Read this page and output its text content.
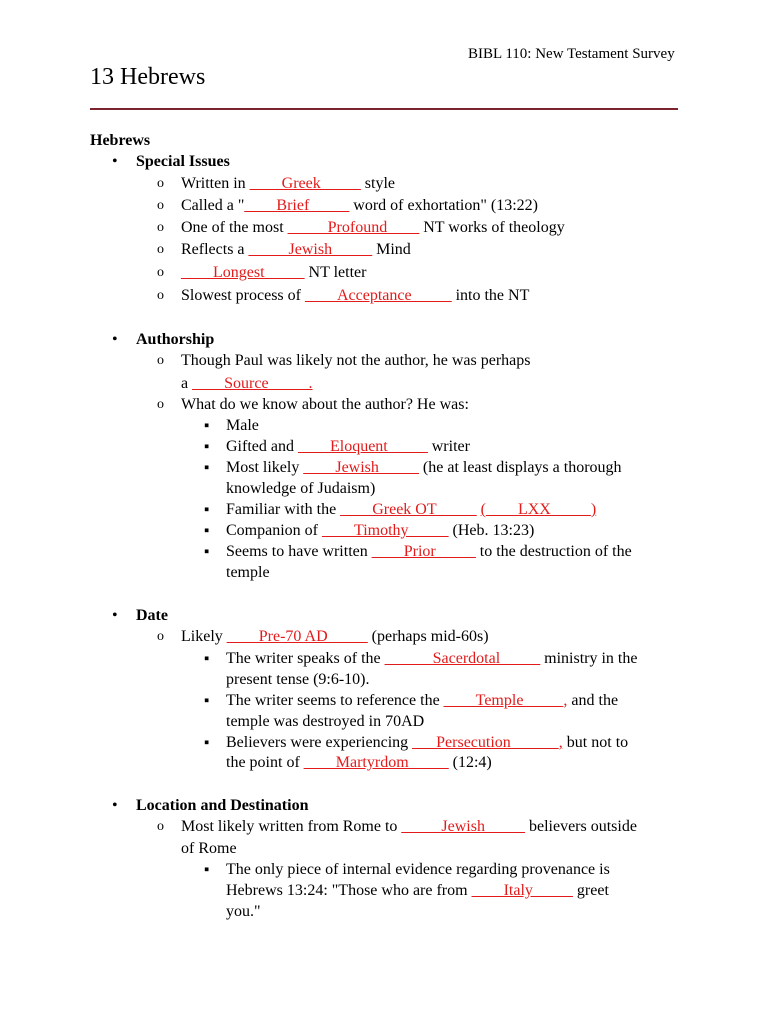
BIBL 110: New Testament Survey
13 Hebrews
Hebrews
• Special Issues
o Written in ____Greek_____ style
o Called a "____Brief_____ word of exhortation" (13:22)
o One of the most _____Profound____ NT works of theology
o Reflects a _____Jewish_____ Mind
o ____Longest_____ NT letter
o Slowest process of ____Acceptance_____ into the NT
• Authorship
o Though Paul was likely not the author, he was perhaps
a ____Source_____.
o What do we know about the author? He was:
▪ Male
▪ Gifted and ____Eloquent_____ writer
▪ Most likely ____Jewish_____ (he at least displays a thorough
knowledge of Judaism)
▪ Familiar with the ____Greek OT_____ (____LXX_____)
▪ Companion of ____Timothy_____ (Heb. 13:23)
▪ Seems to have written ____Prior_____ to the destruction of the
temple
• Date
o Likely ____Pre-70 AD_____ (perhaps mid-60s)
▪ The writer speaks of the ______Sacerdotal_____ ministry in the
present tense (9:6-10).
▪ The writer seems to reference the ____Temple_____, and the
temple was destroyed in 70AD
▪ Believers were experiencing ___Persecution______, but not to
the point of ____Martyrdom_____ (12:4)
• Location and Destination
o Most likely written from Rome to _____Jewish_____ believers outside
of Rome
▪ The only piece of internal evidence regarding provenance is
Hebrews 13:24: "Those who are from ____Italy_____ greet
you."
